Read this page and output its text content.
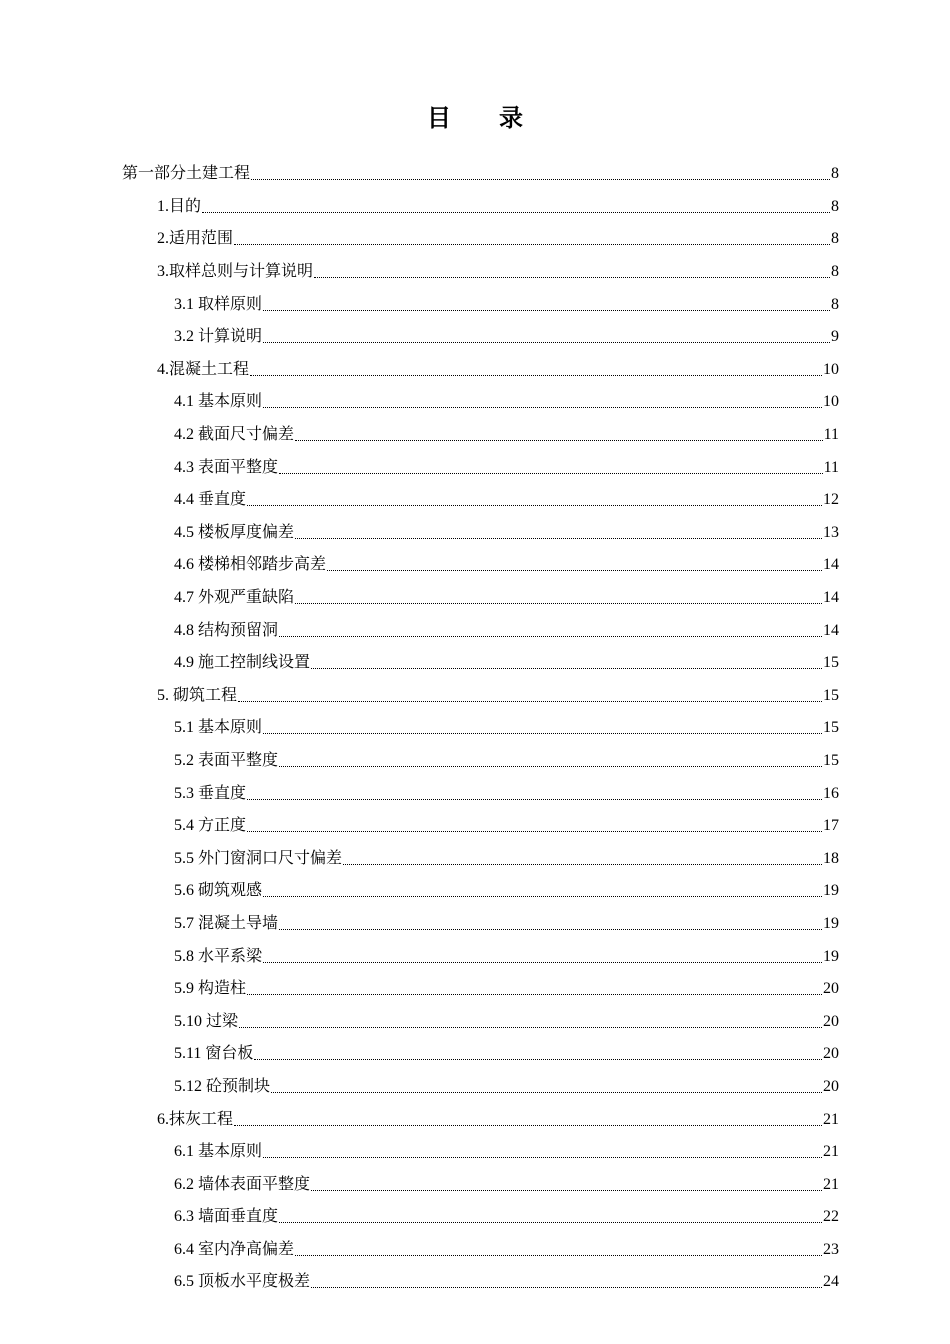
目 录
第一部分土建工程	8
1.目的	8
2.适用范围	8
3.取样总则与计算说明	8
3.1 取样原则	8
3.2 计算说明	9
4.混凝土工程	10
4.1 基本原则	10
4.2 截面尺寸偏差	11
4.3 表面平整度	11
4.4 垂直度	12
4.5 楼板厚度偏差	13
4.6 楼梯相邻踏步高差	14
4.7 外观严重缺陷	14
4.8 结构预留洞	14
4.9 施工控制线设置	15
5. 砌筑工程	15
5.1 基本原则	15
5.2 表面平整度	15
5.3 垂直度	16
5.4 方正度	17
5.5 外门窗洞口尺寸偏差	18
5.6 砌筑观感	19
5.7 混凝土导墙	19
5.8 水平系梁	19
5.9 构造柱	20
5.10 过梁	20
5.11 窗台板	20
5.12 砼预制块	20
6.抹灰工程	21
6.1 基本原则	21
6.2 墙体表面平整度	21
6.3 墙面垂直度	22
6.4 室内净高偏差	23
6.5 顶板水平度极差	24
